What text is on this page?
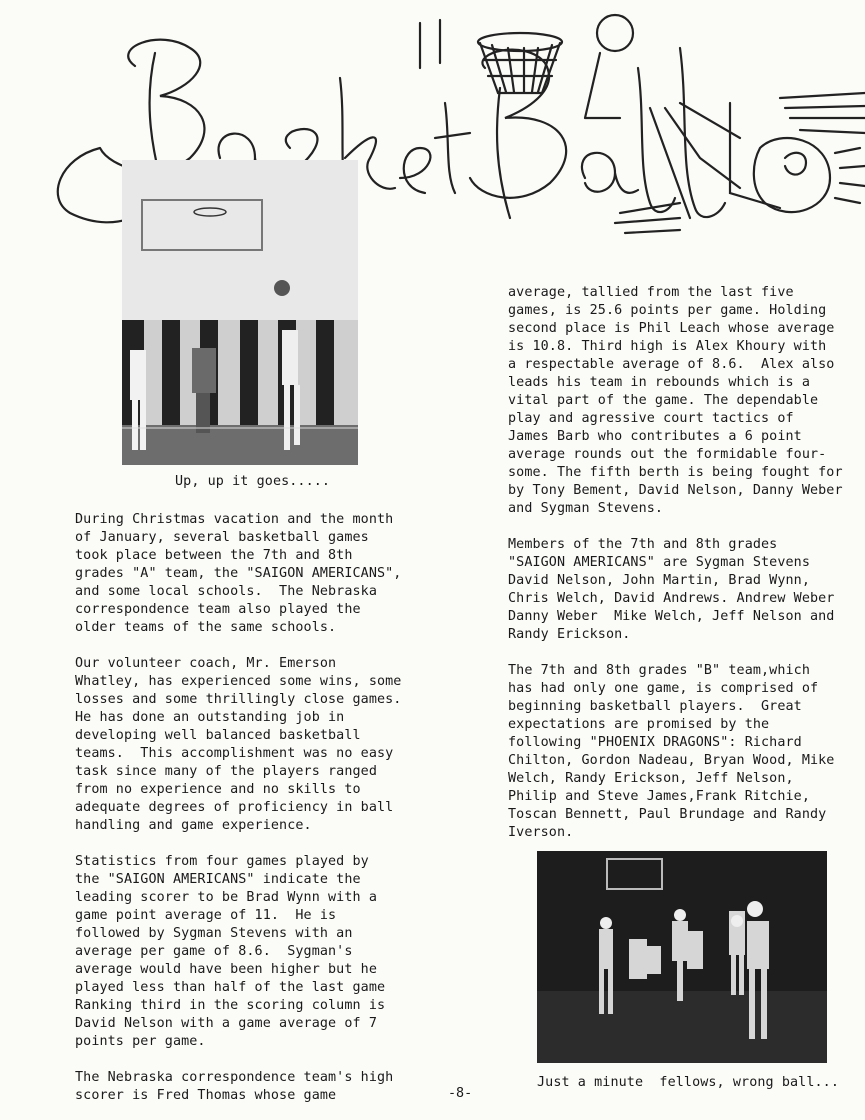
Basket Ball

Up, up it goes.....

During Christmas vacation and the month
of January, several basketball games
took place between the 7th and 8th
grades "A" team, the "SAIGON AMERICANS",
and some local schools.  The Nebraska
correspondence team also played the
older teams of the same schools.

Our volunteer coach, Mr. Emerson
Whatley, has experienced some wins, some
losses and some thrillingly close games.
He has done an outstanding job in
developing well balanced basketball
teams.  This accomplishment was no easy
task since many of the players ranged
from no experience and no skills to
adequate degrees of proficiency in ball
handling and game experience.

Statistics from four games played by
the "SAIGON AMERICANS" indicate the
leading scorer to be Brad Wynn with a
game point average of 11.  He is
followed by Sygman Stevens with an
average per game of 8.6.  Sygman's
average would have been higher but he
played less than half of the last game
Ranking third in the scoring column is
David Nelson with a game average of 7
points per game.

The Nebraska correspondence team's high
scorer is Fred Thomas whose game

average, tallied from the last five
games, is 25.6 points per game. Holding
second place is Phil Leach whose average
is 10.8. Third high is Alex Khoury with
a respectable average of 8.6.  Alex also
leads his team in rebounds which is a
vital part of the game. The dependable
play and agressive court tactics of
James Barb who contributes a 6 point
average rounds out the formidable four-
some. The fifth berth is being fought for
by Tony Bement, David Nelson, Danny Weber
and Sygman Stevens.

Members of the 7th and 8th grades
"SAIGON AMERICANS" are Sygman Stevens
David Nelson, John Martin, Brad Wynn,
Chris Welch, David Andrews. Andrew Weber
Danny Weber  Mike Welch, Jeff Nelson and
Randy Erickson.

The 7th and 8th grades "B" team,which
has had only one game, is comprised of
beginning basketball players.  Great
expectations are promised by the
following "PHOENIX DRAGONS": Richard
Chilton, Gordon Nadeau, Bryan Wood, Mike
Welch, Randy Erickson, Jeff Nelson,
Philip and Steve James,Frank Ritchie,
Toscan Bennett, Paul Brundage and Randy
Iverson.

Just a minute  fellows, wrong ball...

-8-
